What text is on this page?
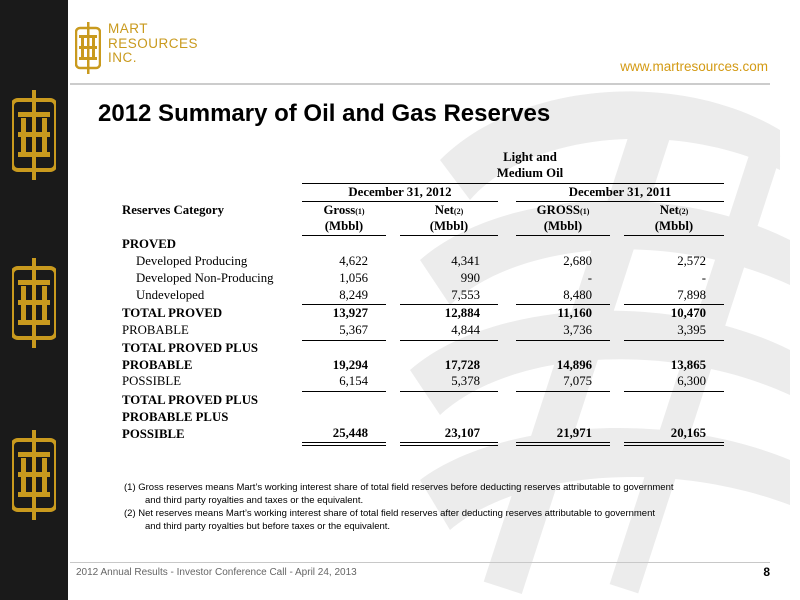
MART
RESOURCES
INC.
www.martresources.com
2012 Summary of Oil and Gas Reserves
Light and
Medium Oil
December 31, 2012	December 31, 2011
Reserves Category	Gross(1)	Net(2)	GROSS(1)	Net(2)
(Mbbl)	(Mbbl)	(Mbbl)	(Mbbl)
PROVED
Developed Producing	4,622	4,341	2,680	2,572
Developed Non-Producing	1,056	990	-	-
Undeveloped	8,249	7,553	8,480	7,898
TOTAL PROVED	13,927	12,884	11,160	10,470
PROBABLE	5,367	4,844	3,736	3,395
TOTAL PROVED PLUS
PROBABLE	19,294	17,728	14,896	13,865
POSSIBLE	6,154	5,378	7,075	6,300
TOTAL PROVED PLUS
PROBABLE PLUS
POSSIBLE	25,448	23,107	21,971	20,165
(1) Gross reserves means Mart’s working interest share of total field reserves before deducting reserves attributable to government
and third party royalties and taxes or the equivalent.
(2) Net reserves means Mart’s working interest share of total field reserves after deducting reserves attributable to government
and third party royalties but before taxes or the equivalent.
2012 Annual Results - Investor Conference Call - April 24, 2013	8
